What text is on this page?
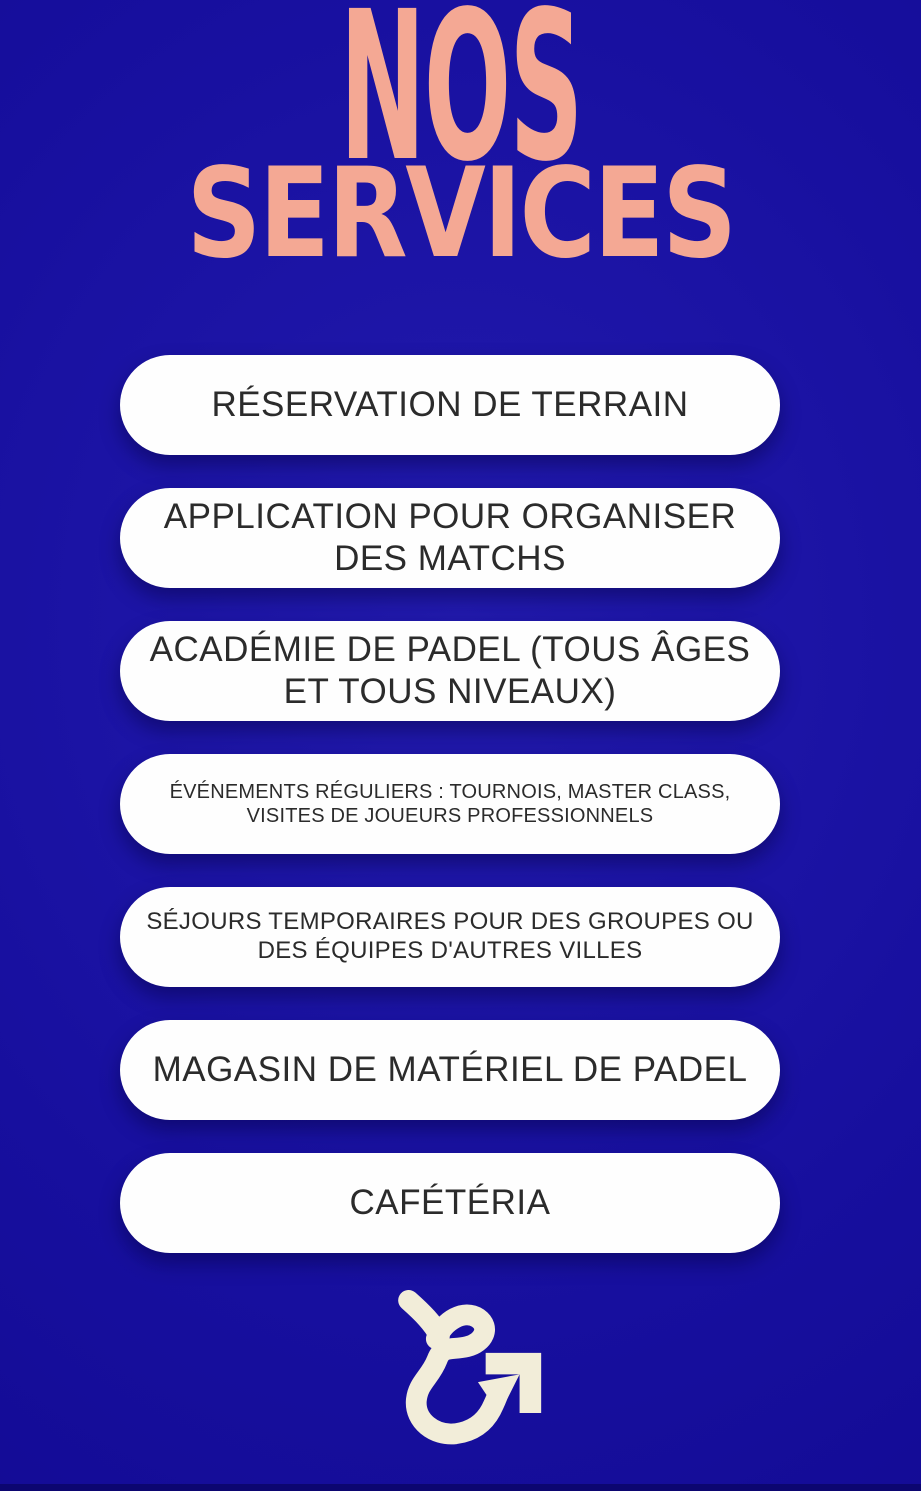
NOS
SERVICES
RÉSERVATION DE TERRAIN
APPLICATION POUR ORGANISER DES MATCHS
ACADÉMIE DE PADEL (TOUS ÂGES ET TOUS NIVEAUX)
ÉVÉNEMENTS RÉGULIERS : TOURNOIS, MASTER CLASS, VISITES DE JOUEURS PROFESSIONNELS
SÉJOURS TEMPORAIRES POUR DES GROUPES OU DES ÉQUIPES D'AUTRES VILLES
MAGASIN DE MATÉRIEL DE PADEL
CAFÉTÉRIA
